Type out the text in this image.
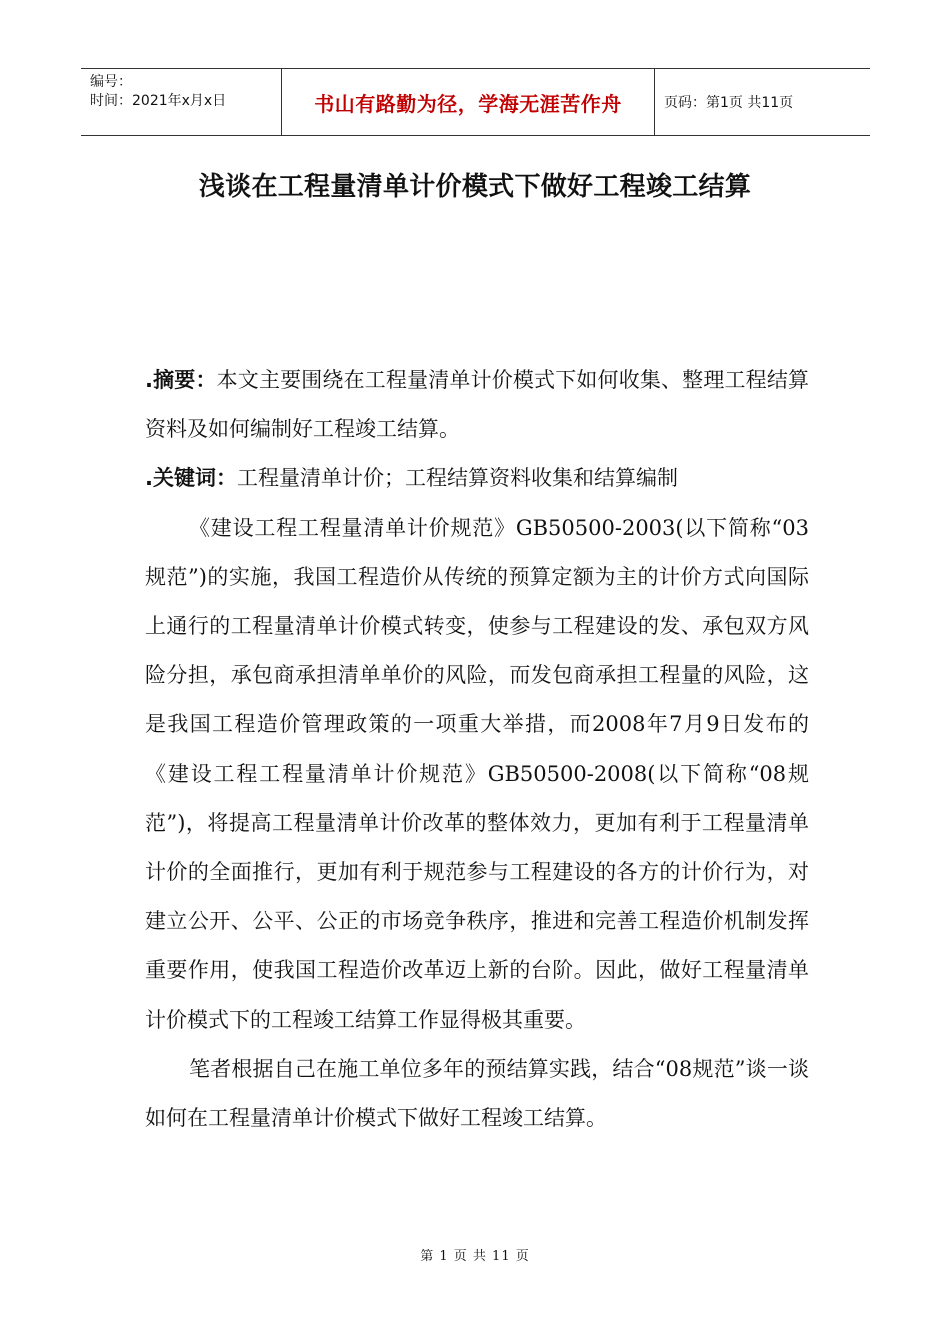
编号：
时间：2021年x月x日	书山有路勤为径，学海无涯苦作舟	页码：第1页 共11页
浅谈在工程量清单计价模式下做好工程竣工结算

.摘要：本文主要围绕在工程量清单计价模式下如何收集、整理工程结算资料及如何编制好工程竣工结算。

.关键词：工程量清单计价；工程结算资料收集和结算编制

《建设工程工程量清单计价规范》GB50500-2003(以下简称“03规范”)的实施，我国工程造价从传统的预算定额为主的计价方式向国际上通行的工程量清单计价模式转变，使参与工程建设的发、承包双方风险分担，承包商承担清单单价的风险，而发包商承担工程量的风险，这是我国工程造价管理政策的一项重大举措，而2008年7月9日发布的《建设工程工程量清单计价规范》GB50500-2008(以下简称“08规范”)，将提高工程量清单计价改革的整体效力，更加有利于工程量清单计价的全面推行，更加有利于规范参与工程建设的各方的计价行为，对建立公开、公平、公正的市场竞争秩序，推进和完善工程造价机制发挥重要作用，使我国工程造价改革迈上新的台阶。因此，做好工程量清单计价模式下的工程竣工结算工作显得极其重要。

笔者根据自己在施工单位多年的预结算实践，结合“08规范”谈一谈如何在工程量清单计价模式下做好工程竣工结算。

第 1 页 共 11 页
